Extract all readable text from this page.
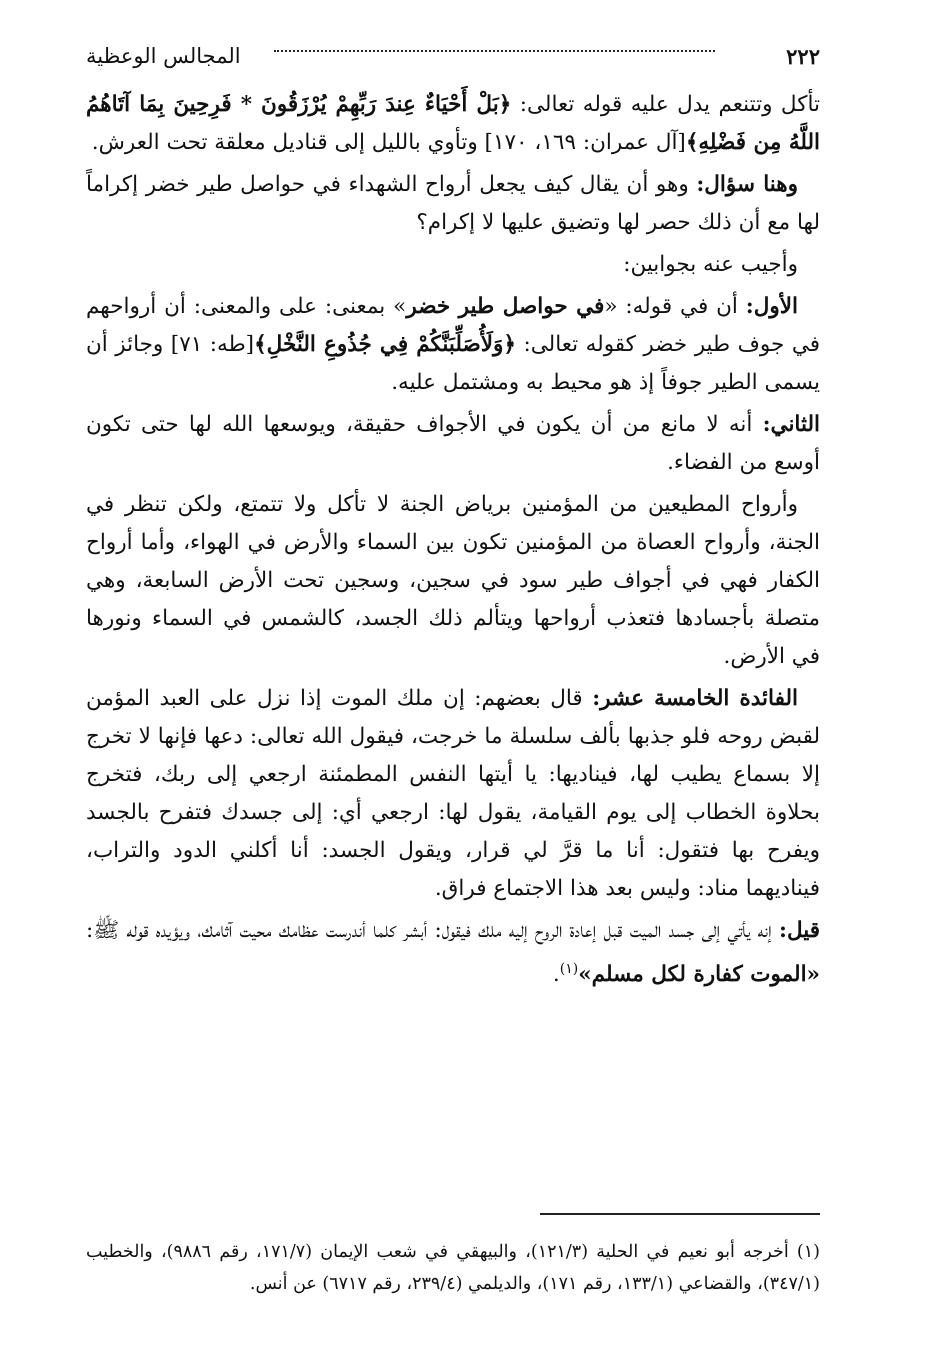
٢٢٢
المجالس الوعظية

تأكل وتتنعم يدل عليه قوله تعالى: ﴿بَلْ أَحْيَاءٌ عِندَ رَبِّهِمْ يُرْزَقُونَ * فَرِحِينَ بِمَا آتَاهُمُ اللَّهُ مِن فَضْلِهِ﴾[آل عمران: ١٦٩، ١٧٠] وتأوي بالليل إلى قناديل معلقة تحت العرش.

وهنا سؤال: وهو أن يقال كيف يجعل أرواح الشهداء في حواصل طير خضر إكراماً لها مع أن ذلك حصر لها وتضيق عليها لا إكرام؟

وأجيب عنه بجوابين:

الأول: أن في قوله: «في حواصل طير خضر» بمعنى: على والمعنى: أن أرواحهم في جوف طير خضر كقوله تعالى: ﴿وَلَأُصَلِّبَنَّكُمْ فِي جُذُوعِ النَّخْلِ﴾[طه: ٧١] وجائز أن يسمى الطير جوفاً إذ هو محيط به ومشتمل عليه.

الثاني: أنه لا مانع من أن يكون في الأجواف حقيقة، ويوسعها الله لها حتى تكون أوسع من الفضاء.

وأرواح المطيعين من المؤمنين برياض الجنة لا تأكل ولا تتمتع، ولكن تنظر في الجنة، وأرواح العصاة من المؤمنين تكون بين السماء والأرض في الهواء، وأما أرواح الكفار فهي في أجواف طير سود في سجين، وسجين تحت الأرض السابعة، وهي متصلة بأجسادها فتعذب أرواحها ويتألم ذلك الجسد، كالشمس في السماء ونورها في الأرض.

الفائدة الخامسة عشر: قال بعضهم: إن ملك الموت إذا نزل على العبد المؤمن لقبض روحه فلو جذبها بألف سلسلة ما خرجت، فيقول الله تعالى: دعها فإنها لا تخرج إلا بسماع يطيب لها، فيناديها: يا أيتها النفس المطمئنة ارجعي إلى ربك، فتخرج بحلاوة الخطاب إلى يوم القيامة، يقول لها: ارجعي أي: إلى جسدك فتفرح بالجسد ويفرح بها فتقول: أنا ما قرَّ لي قرار، ويقول الجسد: أنا أكلني الدود والتراب، فيناديهما مناد: وليس بعد هذا الاجتماع فراق.

قيل: إنه يأتي إلى جسد الميت قبل إعادة الروح إليه ملك فيقول: أبشر كلما أندرست عظامك محيت آثامك، ويؤيده قوله ﷺ: «الموت كفارة لكل مسلم»$^{(١)}$.

(١) أخرجه أبو نعيم في الحلية (١٢١/٣)، والبيهقي في شعب الإيمان (١٧١/٧، رقم ٩٨٨٦)، والخطيب (٣٤٧/١)، والقضاعي (١٣٣/١، رقم ١٧١)، والديلمي (٢٣٩/٤، رقم ٦٧١٧) عن أنس.
